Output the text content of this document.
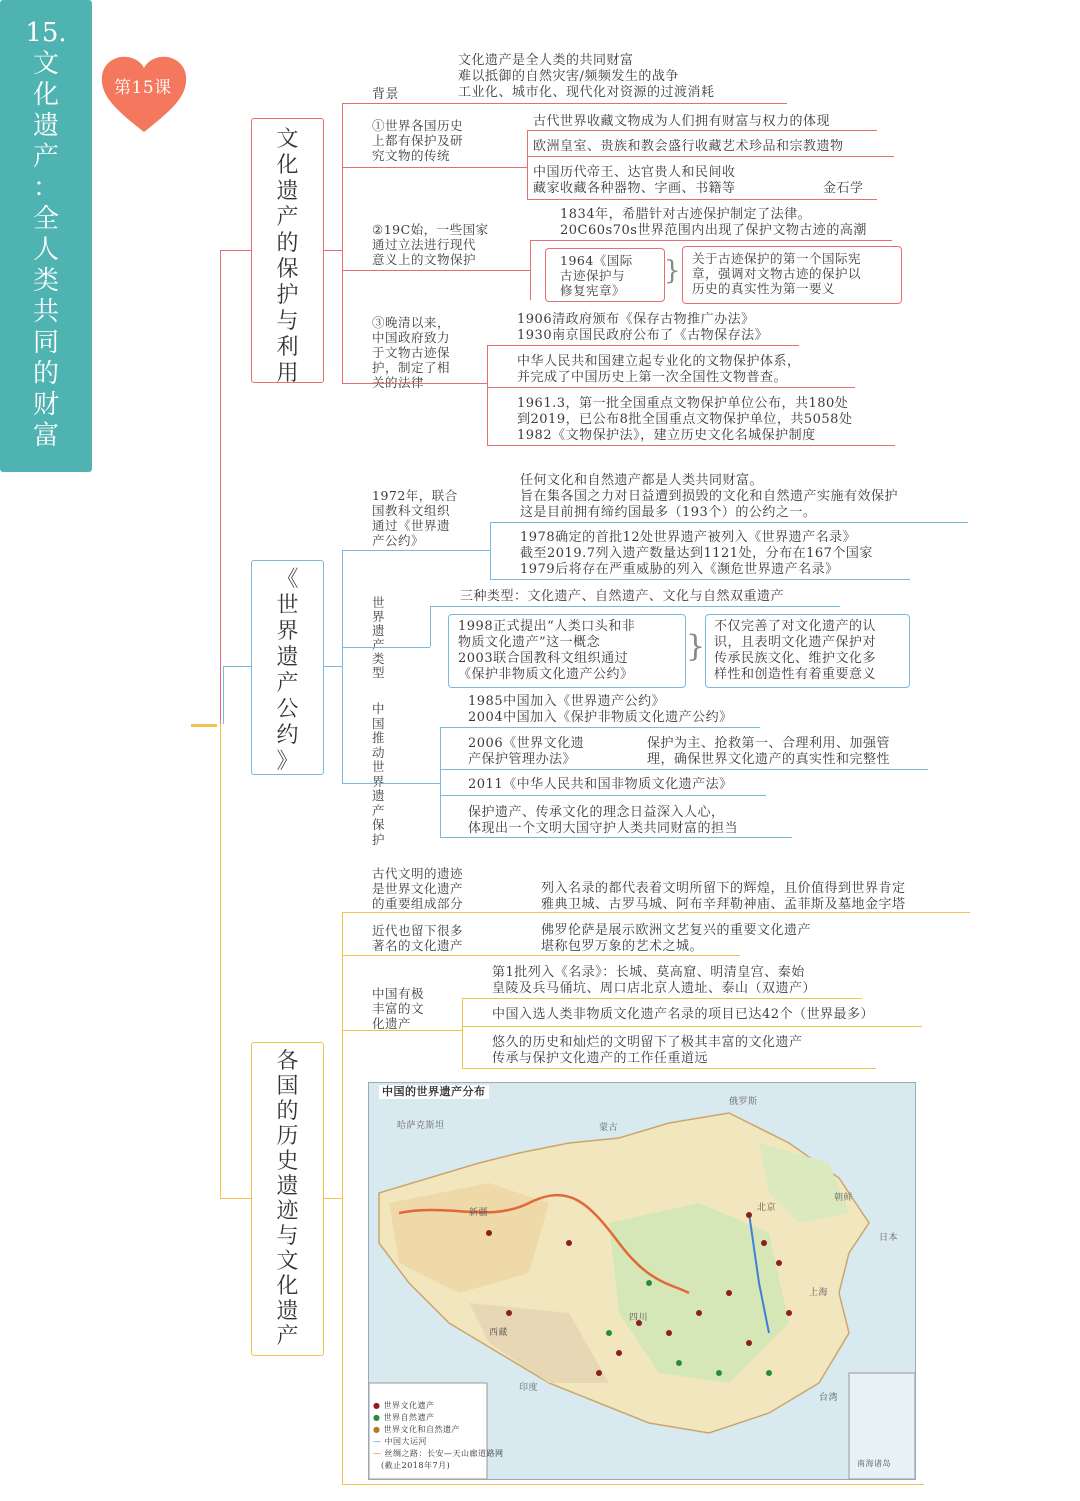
第15课
15.
文
化
遗
产
：
全
人
类
共
同
的
财
富
文
化
遗
产
的
保
护
与
利
用
背景
文化遗产是全人类的共同财富
难以抵御的自然灾害/频频发生的战争
工业化、城市化、现代化对资源的过渡消耗
①世界各国历史
上都有保护及研
究文物的传统
古代世界收藏文物成为人们拥有财富与权力的体现
欧洲皇室、贵族和教会盛行收藏艺术珍品和宗教遗物
中国历代帝王、达官贵人和民间收
藏家收藏各种器物、字画、书籍等	金石学
②19C始，一些国家
通过立法进行现代
意义上的文物保护
1834年，希腊针对古迹保护制定了法律。
20C60s70s世界范围内出现了保护文物古迹的高潮
1964《国际
古迹保护与
修复宪章》
} 关于古迹保护的第一个国际宪
章，强调对文物古迹的保护以
历史的真实性为第一要义
③晚清以来，
中国政府致力
于文物古迹保
护，制定了相
关的法律
1906清政府颁布《保存古物推广办法》
1930南京国民政府公布了《古物保存法》
中华人民共和国建立起专业化的文物保护体系，
并完成了中国历史上第一次全国性文物普查。
1961.3，第一批全国重点文物保护单位公布，共180处
到2019，已公布8批全国重点文物保护单位，共5058处
1982《文物保护法》，建立历史文化名城保护制度
《
世
界
遗
产
公
约
》
1972年，联合
国教科文组织
通过《世界遗
产公约》
任何文化和自然遗产都是人类共同财富。
旨在集各国之力对日益遭到损毁的文化和自然遗产实施有效保护
这是目前拥有缔约国最多（193个）的公约之一。
1978确定的首批12处世界遗产被列入《世界遗产名录》
截至2019.7列入遗产数量达到1121处，分布在167个国家
1979后将存在严重威胁的列入《濒危世界遗产名录》
世
界
遗
产
类
型
三种类型：文化遗产、自然遗产、文化与自然双重遗产
1998正式提出“人类口头和非
物质文化遗产”这一概念
2003联合国教科文组织通过
《保护非物质文化遗产公约》
}
不仅完善了对文化遗产的认
识，且表明文化遗产保护对
传承民族文化、维护文化多
样性和创造性有着重要意义
中
国
推
动
世
界
遗
产
保
护
1985中国加入《世界遗产公约》
2004中国加入《保护非物质文化遗产公约》
2006《世界文化遗
产保护管理办法》
保护为主、抢救第一、合理利用、加强管
理，确保世界文化遗产的真实性和完整性
2011《中华人民共和国非物质文化遗产法》
保护遗产、传承文化的理念日益深入人心，
体现出一个文明大国守护人类共同财富的担当
各
国
的
历
史
遗
迹
与
文
化
遗
产
古代文明的遗迹
是世界文化遗产
的重要组成部分
列入名录的都代表着文明所留下的辉煌，且价值得到世界肯定
雅典卫城、古罗马城、阿布辛拜勒神庙、孟菲斯及墓地金字塔
近代也留下很多
著名的文化遗产
佛罗伦萨是展示欧洲文艺复兴的重要文化遗产
堪称包罗万象的艺术之城。
中国有极
丰富的文
化遗产
第1批列入《名录》：长城、莫高窟、明清皇宫、秦始
皇陵及兵马俑坑、周口店北京人遗址、泰山（双遗产）
中国入选人类非物质文化遗产名录的项目已达42个（世界最多）
悠久的历史和灿烂的文明留下了极其丰富的文化遗产
传承与保护文化遗产的工作任重道远
中国的世界遗产分布
哈萨克斯坦	蒙古
俄罗斯
朝鲜
日本
印度
新疆	北京
西藏
四川
上海
台湾
南海诸岛
● 世界文化遗产
● 世界自然遗产
● 世界文化和自然遗产
— 中国大运河
— 丝绸之路：长安—天山廊道路网
(截止2018年7月)
